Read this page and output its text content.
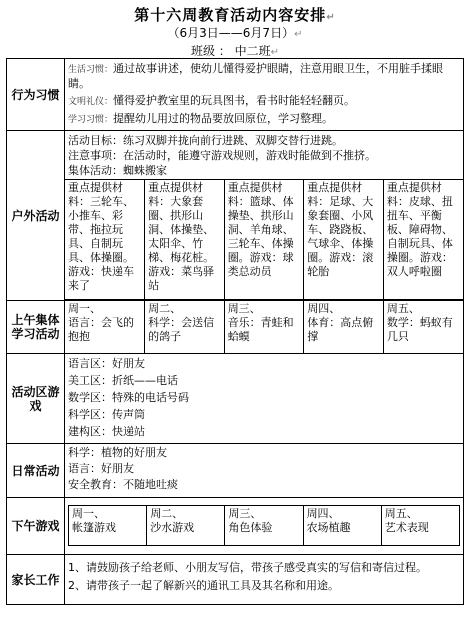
第十六周教育活动内容安排↵
（6月3日——6月7日）↵
班级 ： 中二班↵
行为习惯	
生活习惯：通过故事讲述，使幼儿懂得爱护眼睛，注意用眼卫生，不用脏手揉眼睛。
文明礼仪：懂得爱护教室里的玩具图书，看书时能轻轻翻页。
学习习惯：提醒幼儿用过的物品要放回原位，学习整理。

户外活动	
活动目标：练习双脚并拢向前行进跳、双脚交替行进跳。
注意事项：在活动时，能遵守游戏规则，游戏时能做到不推挤。
集体活动：蜘蛛搬家
重点提供材料：三轮车、小推车、彩带、拖拉玩具、自制玩具、体操圈。游戏：快递车来了	重点提供材料：大象套圈、拱形山洞、体操垫、太阳伞、竹梯、梅花桩。游戏：菜鸟驿站	重点提供材料：篮球、体操垫、拱形山洞、羊角球、三轮车、体操圈。游戏：球类总动员	重点提供材料：足球、大象套圈、小风车、跷跷板、气球伞、体操圈。游戏：滚轮胎	重点提供材料：皮球、扭扭车、平衡板、障碍物、自制玩具、体操圈。游戏：双人呼啦圈

上午集体学习活动	
周一、
语言：会飞的抱抱

周二、
科学：会送信的鸽子

周三、
音乐：青蛙和蛤蟆

周四、
体育：高点俯撑

周五、
数学：蚂蚁有几只

活动区游戏	
语言区：好朋友
美工区：折纸——电话
数学区：特殊的电话号码
科学区：传声筒
建构区：快递站

日常活动	
科学：植物的好朋友
语言：好朋友
安全教育：不随地吐痰

下午游戏	
周一、
帐篷游戏

周二、
沙水游戏

周三、
角色体验

周四、
农场植趣

周五、
艺术表现

家长工作	
1、请鼓励孩子给老师、小朋友写信，带孩子感受真实的写信和寄信过程。
2、请带孩子一起了解新兴的通讯工具及其名称和用途。
